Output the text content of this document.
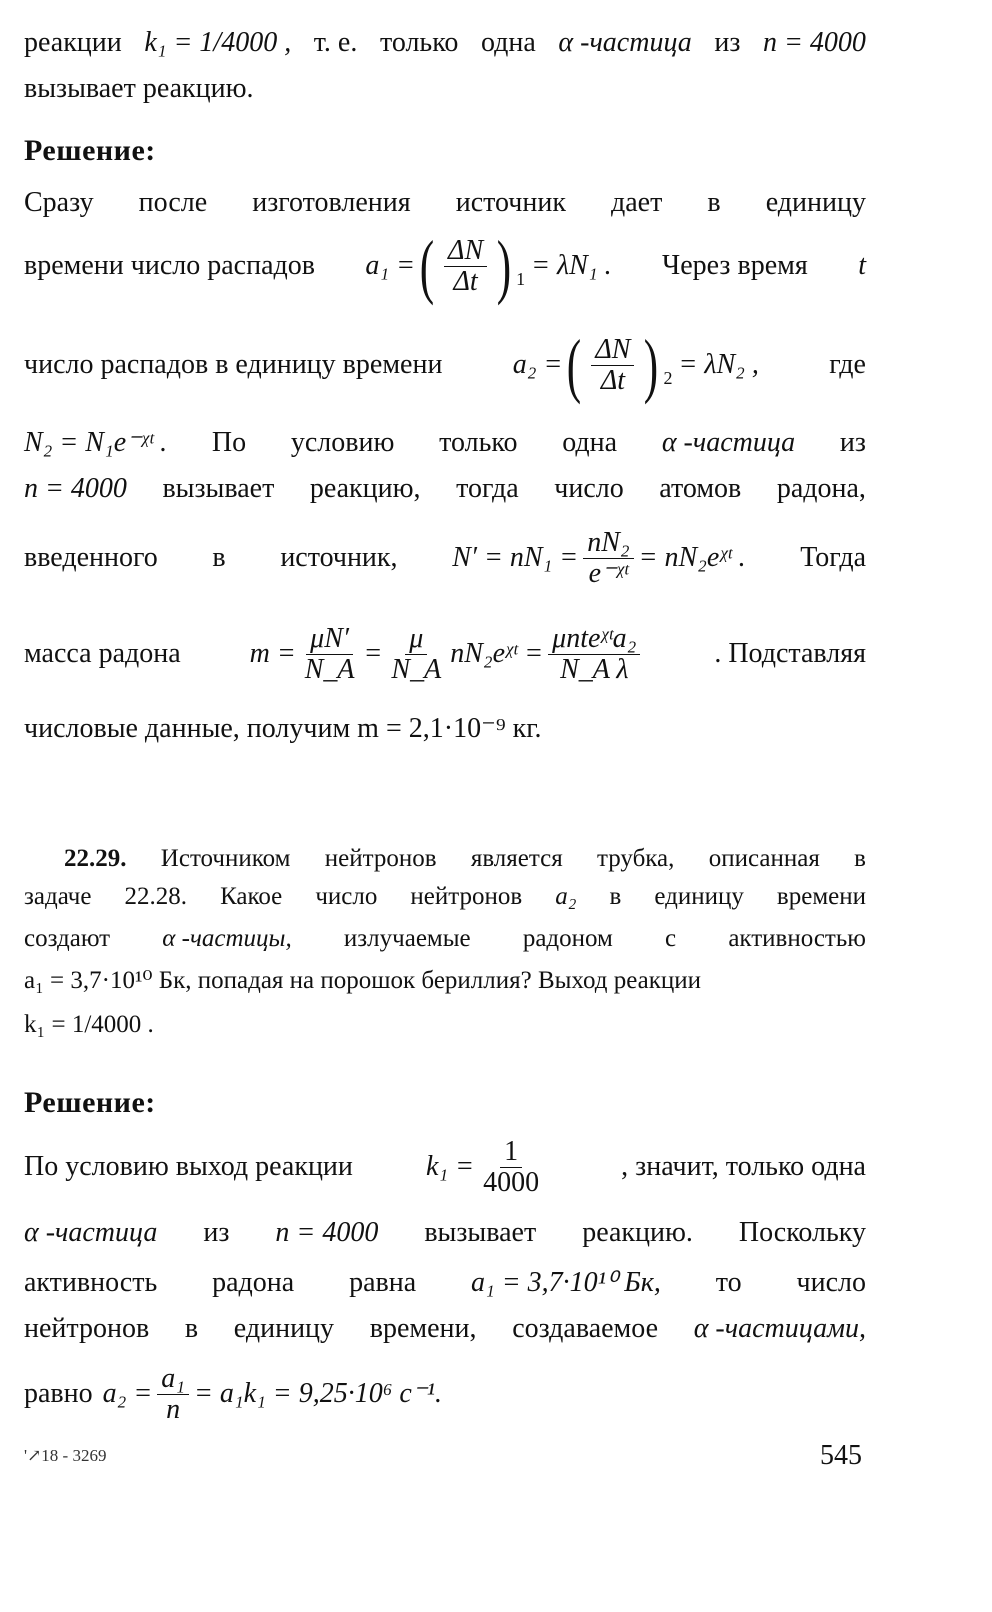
реакции k₁ = 1/4000 , т. е. только одна α -частица из n = 4000
вызывает реакцию.
Решение:
Сразу после изготовления источник дает в единицу
времени число распадов a₁ = ( ΔN
Δt ) 1 = λN₁ . Через время t
число распадов в единицу времени	a₂ = ( ΔN
Δt ) 2 = λN₂ ,	где
N₂ = N₁e⁻ᵡᵗ . По условию только одна α -частица из
n = 4000 вызывает реакцию, тогда число атомов радона,
введенного в источник, $N' = nN_1 = \frac{\text{nN₂}}{\text{e⁻ᵡᵗ}}$ = nN₂eᵡᵗ . Тогда
масса радона $m = \frac{\mu N'}{N\_A} = \frac{\mu}{N\_A}$ nN₂eᵡᵗ = μnteᵡᵗa₂
N_A λ	. Подставляя
числовые данные, получим m = 2,1·10⁻⁹ кг.
22.29. Источником нейтронов является трубка, описанная в
задаче 22.28. Какое число нейтронов a₂ в единицу времени
создают α -частицы, излучаемые радоном с активностью
a₁ = 3,7·10¹⁰ Бк, попадая на порошок бериллия? Выход реакции
k₁ = 1/4000 .
Решение:
По условию выход реакции	$k_1 = \frac{1}{4000}$	, значит, только одна
α -частица из n = 4000 вызывает реакцию. Поскольку
активность радона равна a₁ = 3,7·10¹⁰ Бк, то число
нейтронов в единицу времени, создаваемое α -частицами,
равно $a_2 = \frac{\text{a₁}}{n} = a_1k_1 = 9,25\cdot 10^6$ с⁻¹.
'↗18 - 3269	545
